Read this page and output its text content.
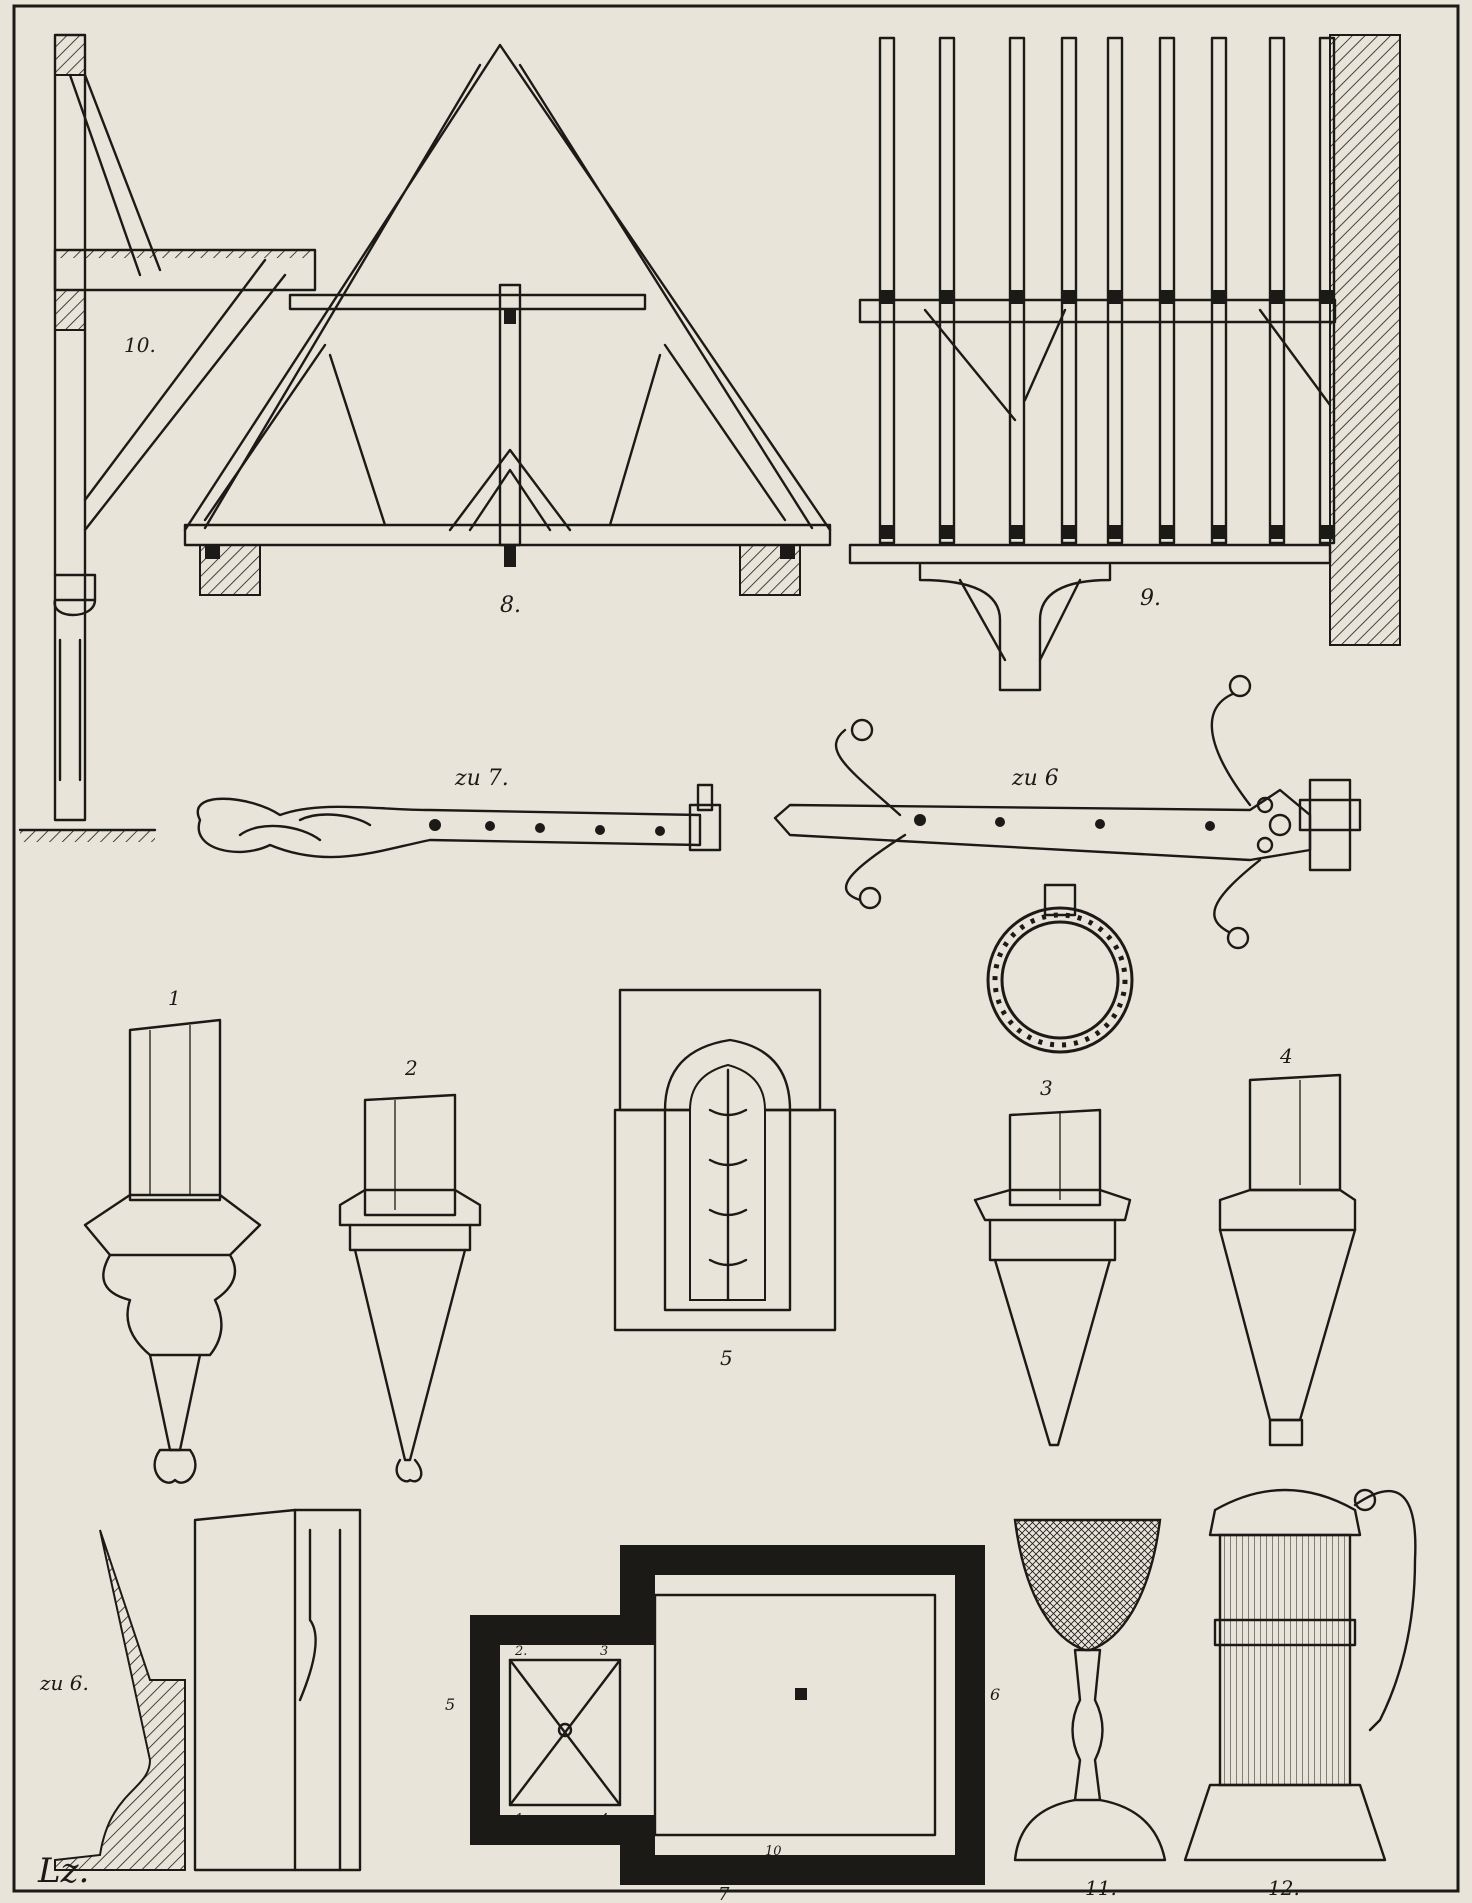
10.
8.	9.
zu 7.	zu 6
1
2
3
4
5
zu 6.
Lz.
2.	3
1.	4
5
6
10
7	11.	12.
